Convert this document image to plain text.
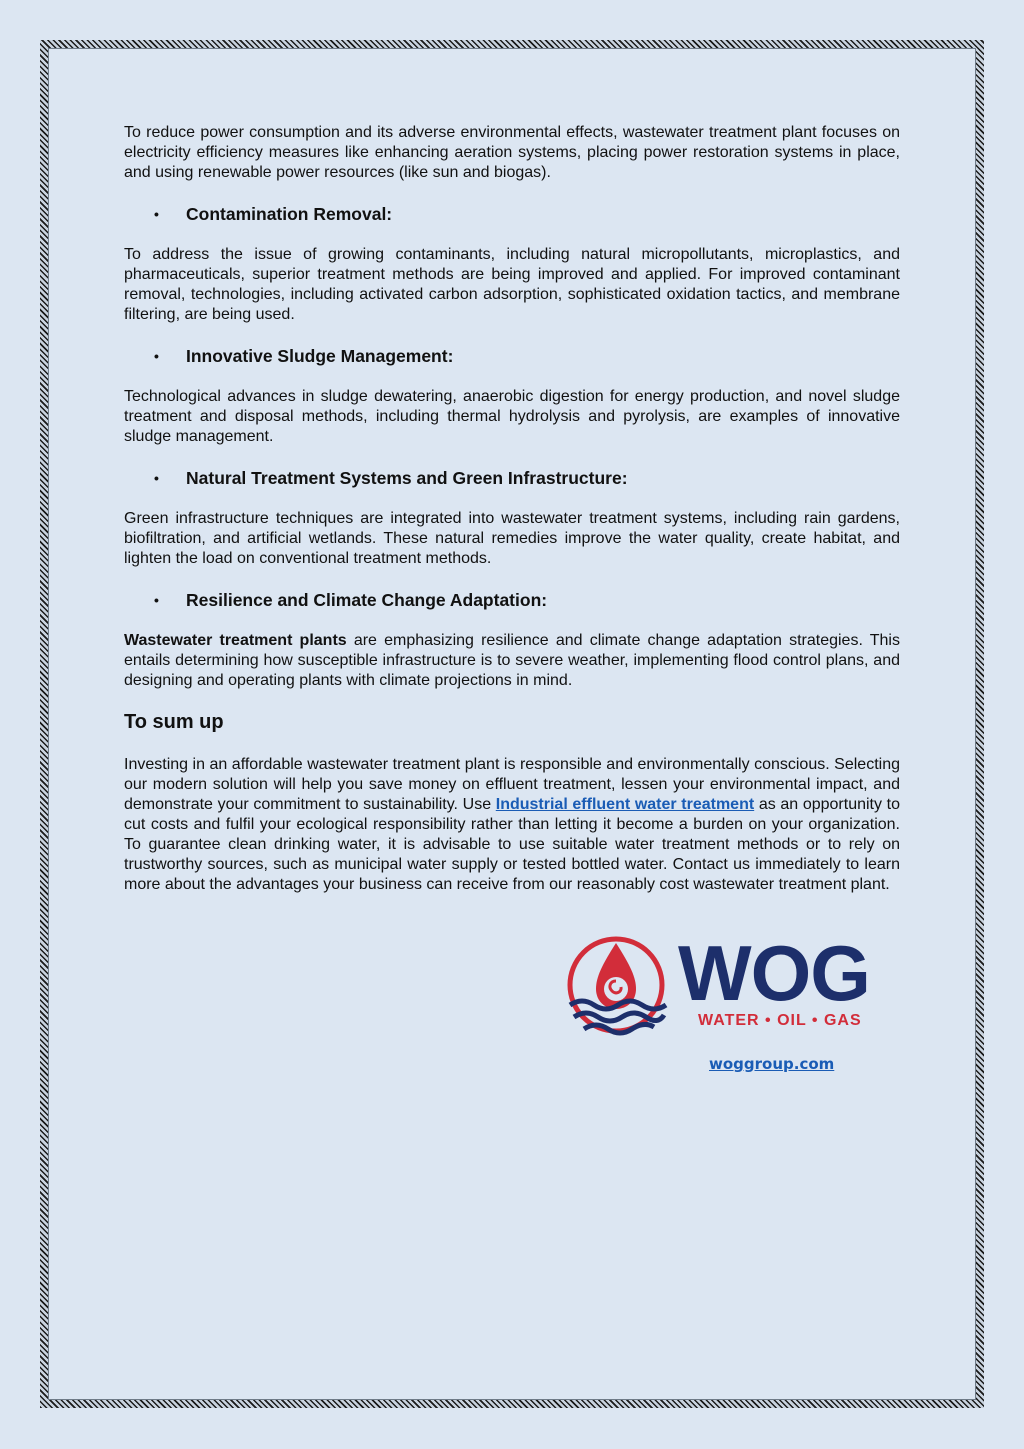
To reduce power consumption and its adverse environmental effects, wastewater treatment plant focuses on electricity efficiency measures like enhancing aeration systems, placing power restoration systems in place, and using renewable power resources (like sun and biogas).

•	Contamination Removal:

To address the issue of growing contaminants, including natural micropollutants, microplastics, and pharmaceuticals, superior treatment methods are being improved and applied. For improved contaminant removal, technologies, including activated carbon adsorption, sophisticated oxidation tactics, and membrane filtering, are being used.

•	Innovative Sludge Management:

Technological advances in sludge dewatering, anaerobic digestion for energy production, and novel sludge treatment and disposal methods, including thermal hydrolysis and pyrolysis, are examples of innovative sludge management.

•	Natural Treatment Systems and Green Infrastructure:

Green infrastructure techniques are integrated into wastewater treatment systems, including rain gardens, biofiltration, and artificial wetlands. These natural remedies improve the water quality, create habitat, and lighten the load on conventional treatment methods.

•	Resilience and Climate Change Adaptation:

Wastewater treatment plants are emphasizing resilience and climate change adaptation strategies. This entails determining how susceptible infrastructure is to severe weather, implementing flood control plans, and designing and operating plants with climate projections in mind.

To sum up

Investing in an affordable wastewater treatment plant is responsible and environmentally conscious. Selecting our modern solution will help you save money on effluent treatment, lessen your environmental impact, and demonstrate your commitment to sustainability. Use Industrial effluent water treatment as an opportunity to cut costs and fulfil your ecological responsibility rather than letting it become a burden on your organization. To guarantee clean drinking water, it is advisable to use suitable water treatment methods or to rely on trustworthy sources, such as municipal water supply or tested bottled water. Contact us immediately to learn more about the advantages your business can receive from our reasonably cost wastewater treatment plant.

WOG
WATER • OIL • GAS
woggroup.com
